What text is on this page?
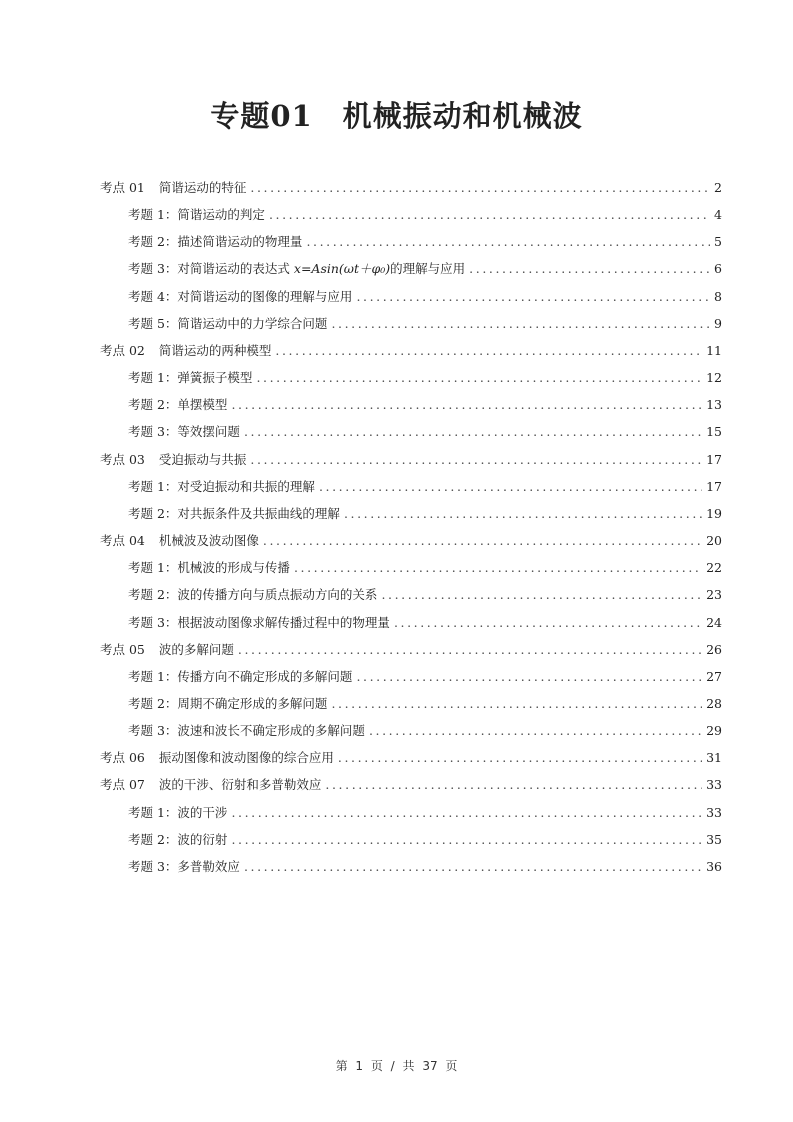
专题01　机械振动和机械波
考点 01 简谐运动的特征 .....	2
考题 1：简谐运动的判定 .....	4
考题 2：描述简谐运动的物理量 .....	5
考题 3：对简谐运动的表达式 x=Asin(ωt＋φ₀)的理解与应用 .....	6
考题 4：对简谐运动的图像的理解与应用 .....	8
考题 5：简谐运动中的力学综合问题 .....	9
考点 02 简谐运动的两种模型 .....	11
考题 1：弹簧振子模型 .....	12
考题 2：单摆模型 .....	13
考题 3：等效摆问题 .....	15
考点 03 受迫振动与共振 .....	17
考题 1：对受迫振动和共振的理解 .....	17
考题 2：对共振条件及共振曲线的理解 .....	19
考点 04 机械波及波动图像 .....	20
考题 1：机械波的形成与传播 .....	22
考题 2：波的传播方向与质点振动方向的关系 .....	23
考题 3：根据波动图像求解传播过程中的物理量 .....	24
考点 05 波的多解问题 .....	26
考题 1：传播方向不确定形成的多解问题 .....	27
考题 2：周期不确定形成的多解问题 .....	28
考题 3：波速和波长不确定形成的多解问题 .....	29
考点 06 振动图像和波动图像的综合应用 .....	31
考点 07 波的干涉、衍射和多普勒效应 .....	33
考题 1：波的干涉 .....	33
考题 2：波的衍射 .....	35
考题 3：多普勒效应 .....	36
第 1 页 / 共 37 页
